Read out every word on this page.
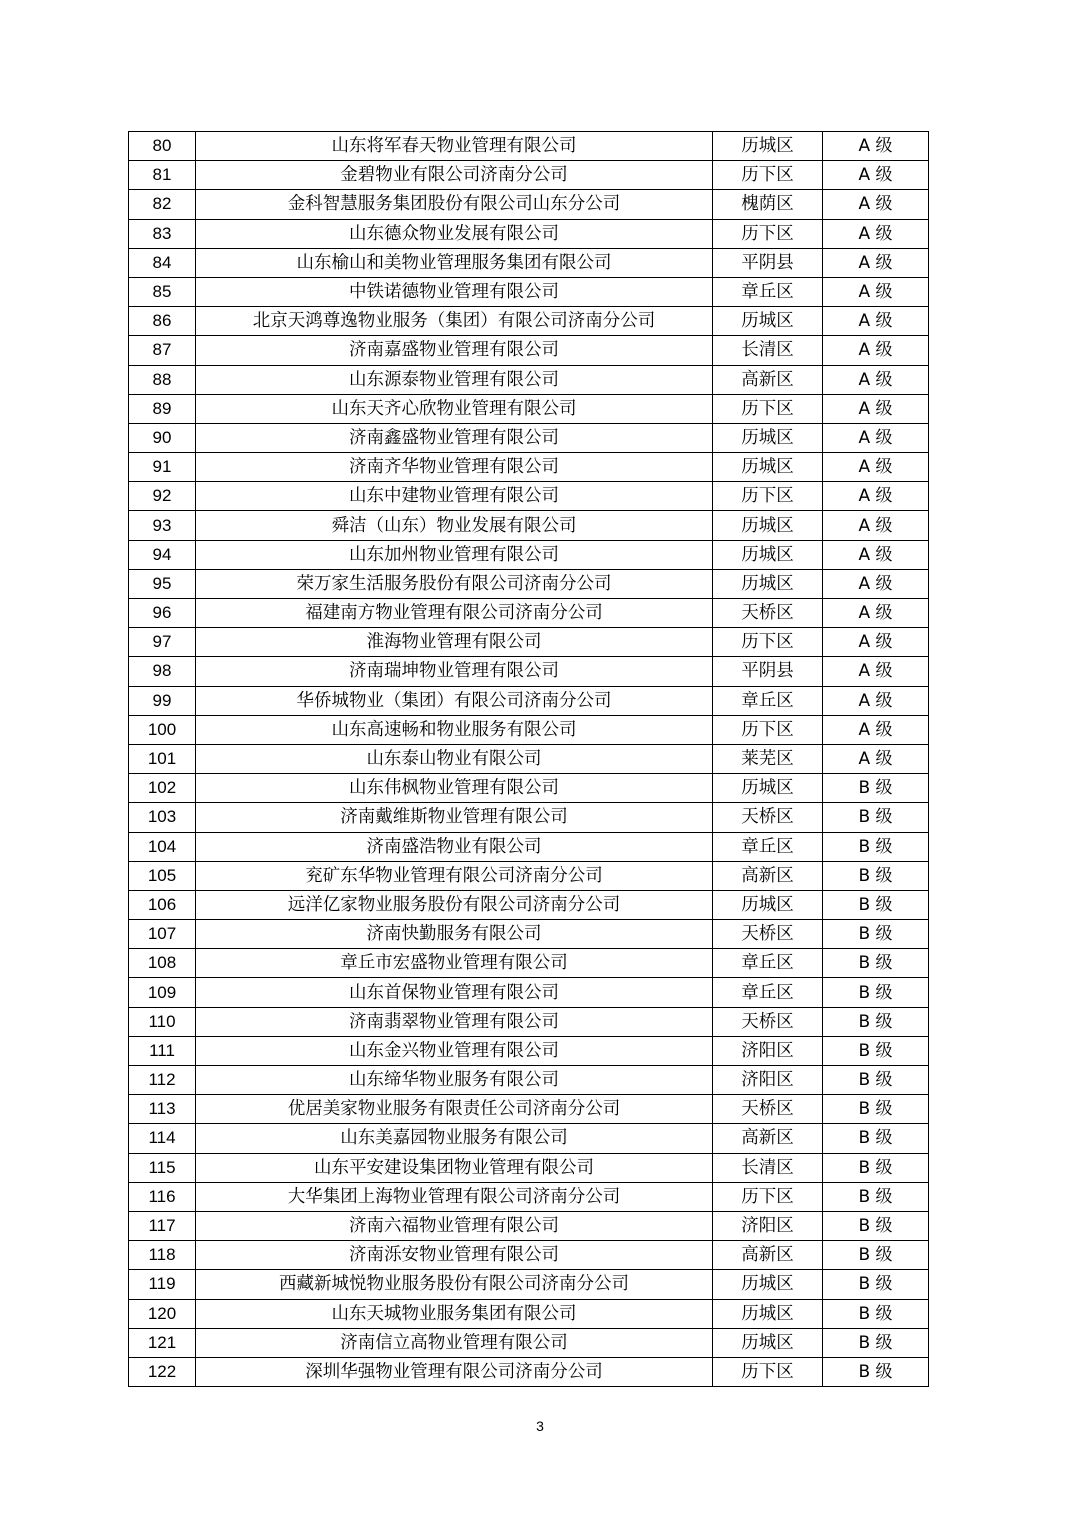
80	山东将军春天物业管理有限公司	历城区	A 级
81	金碧物业有限公司济南分公司	历下区	A 级
82	金科智慧服务集团股份有限公司山东分公司	槐荫区	A 级
83	山东德众物业发展有限公司	历下区	A 级
84	山东榆山和美物业管理服务集团有限公司	平阴县	A 级
85	中铁诺德物业管理有限公司	章丘区	A 级
86	北京天鸿尊逸物业服务（集团）有限公司济南分公司	历城区	A 级
87	济南嘉盛物业管理有限公司	长清区	A 级
88	山东源泰物业管理有限公司	高新区	A 级
89	山东天齐心欣物业管理有限公司	历下区	A 级
90	济南鑫盛物业管理有限公司	历城区	A 级
91	济南齐华物业管理有限公司	历城区	A 级
92	山东中建物业管理有限公司	历下区	A 级
93	舜洁（山东）物业发展有限公司	历城区	A 级
94	山东加州物业管理有限公司	历城区	A 级
95	荣万家生活服务股份有限公司济南分公司	历城区	A 级
96	福建南方物业管理有限公司济南分公司	天桥区	A 级
97	淮海物业管理有限公司	历下区	A 级
98	济南瑞坤物业管理有限公司	平阴县	A 级
99	华侨城物业（集团）有限公司济南分公司	章丘区	A 级
100	山东高速畅和物业服务有限公司	历下区	A 级
101	山东泰山物业有限公司	莱芜区	A 级
102	山东伟枫物业管理有限公司	历城区	B 级
103	济南戴维斯物业管理有限公司	天桥区	B 级
104	济南盛浩物业有限公司	章丘区	B 级
105	兖矿东华物业管理有限公司济南分公司	高新区	B 级
106	远洋亿家物业服务股份有限公司济南分公司	历城区	B 级
107	济南快勤服务有限公司	天桥区	B 级
108	章丘市宏盛物业管理有限公司	章丘区	B 级
109	山东首保物业管理有限公司	章丘区	B 级
110	济南翡翠物业管理有限公司	天桥区	B 级
111	山东金兴物业管理有限公司	济阳区	B 级
112	山东缔华物业服务有限公司	济阳区	B 级
113	优居美家物业服务有限责任公司济南分公司	天桥区	B 级
114	山东美嘉园物业服务有限公司	高新区	B 级
115	山东平安建设集团物业管理有限公司	长清区	B 级
116	大华集团上海物业管理有限公司济南分公司	历下区	B 级
117	济南六福物业管理有限公司	济阳区	B 级
118	济南泺安物业管理有限公司	高新区	B 级
119	西藏新城悦物业服务股份有限公司济南分公司	历城区	B 级
120	山东天城物业服务集团有限公司	历城区	B 级
121	济南信立高物业管理有限公司	历城区	B 级
122	深圳华强物业管理有限公司济南分公司	历下区	B 级
3
